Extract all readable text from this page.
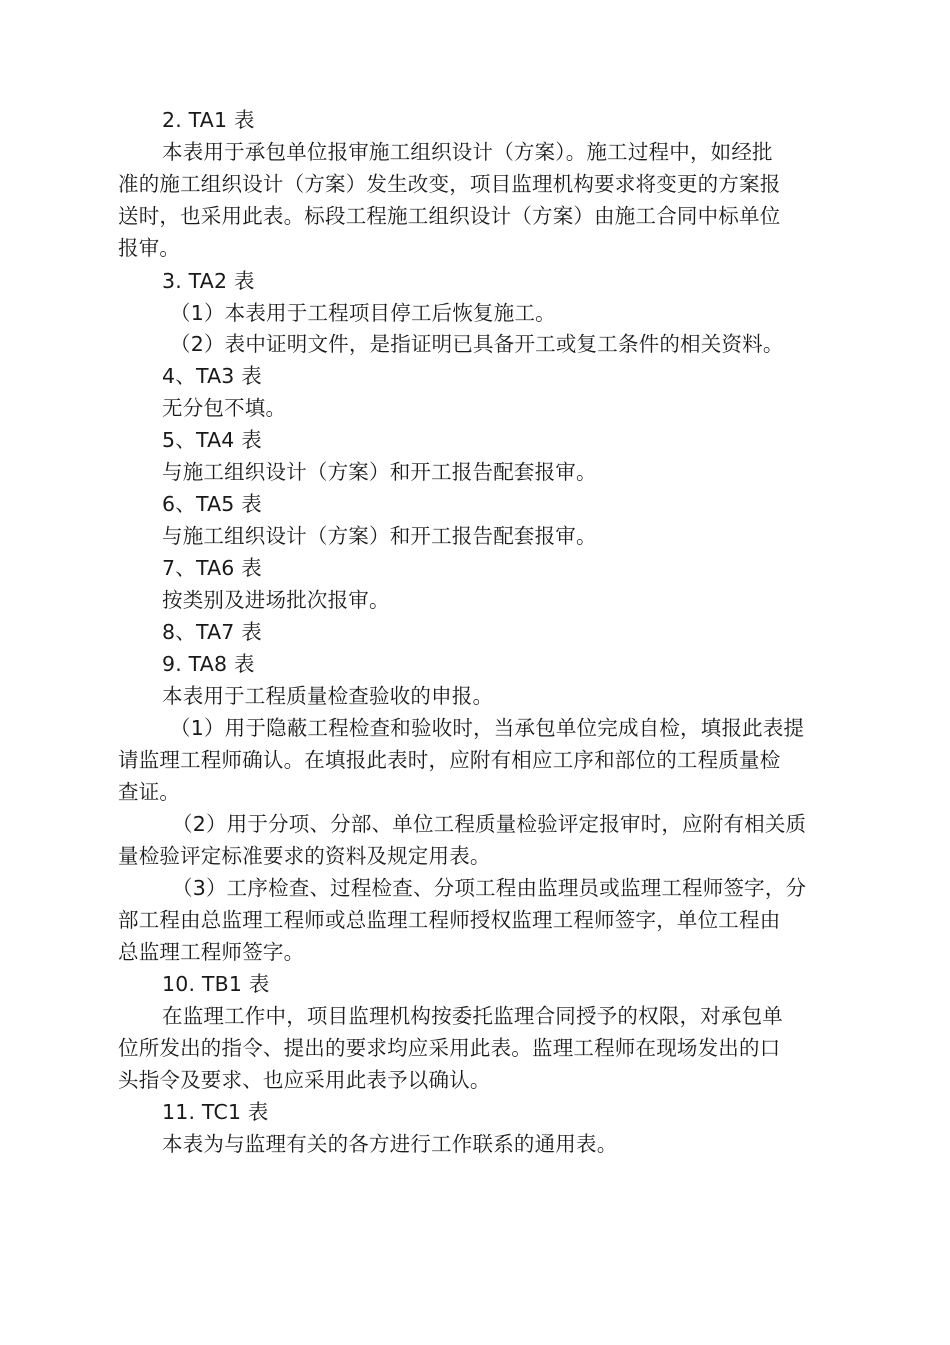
2. TA1 表
本表用于承包单位报审施工组织设计（方案）。施工过程中，如经批
准的施工组织设计（方案）发生改变，项目监理机构要求将变更的方案报
送时，也采用此表。标段工程施工组织设计（方案）由施工合同中标单位
报审。
3. TA2 表
（1）本表用于工程项目停工后恢复施工。
（2）表中证明文件，是指证明已具备开工或复工条件的相关资料。
4、TA3 表
无分包不填。
5、TA4 表
与施工组织设计（方案）和开工报告配套报审。
6、TA5 表
与施工组织设计（方案）和开工报告配套报审。
7、TA6 表
按类别及进场批次报审。
8、TA7 表
9. TA8 表
本表用于工程质量检查验收的申报。
（1）用于隐蔽工程检查和验收时，当承包单位完成自检，填报此表提
请监理工程师确认。在填报此表时，应附有相应工序和部位的工程质量检
查证。
（2）用于分项、分部、单位工程质量检验评定报审时，应附有相关质
量检验评定标准要求的资料及规定用表。
（3）工序检查、过程检查、分项工程由监理员或监理工程师签字，分
部工程由总监理工程师或总监理工程师授权监理工程师签字，单位工程由
总监理工程师签字。
10. TB1 表
在监理工作中，项目监理机构按委托监理合同授予的权限，对承包单
位所发出的指令、提出的要求均应采用此表。监理工程师在现场发出的口
头指令及要求、也应采用此表予以确认。
11. TC1 表
本表为与监理有关的各方进行工作联系的通用表。
